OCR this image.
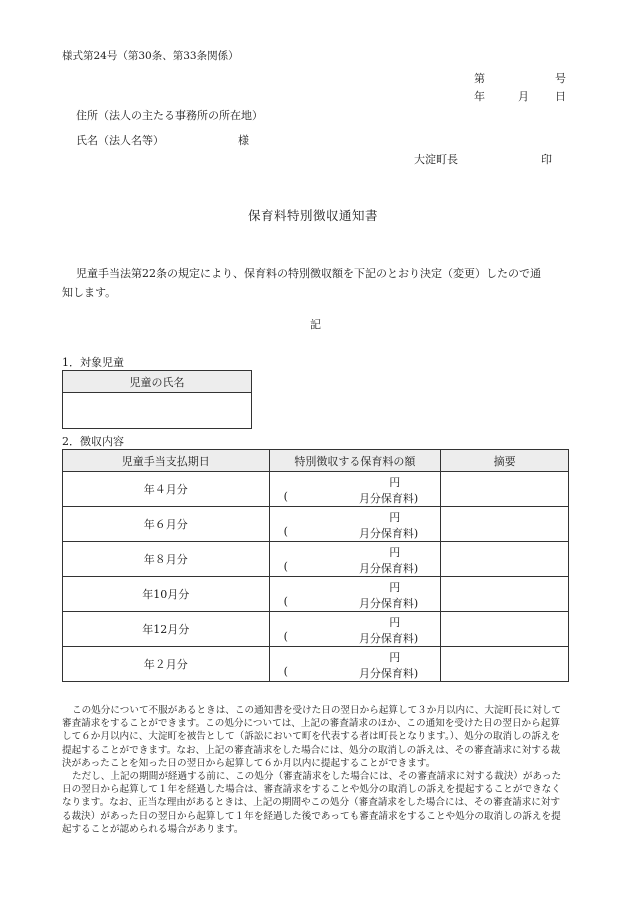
様式第24号（第30条、第33条関係）
第	号
年	月 日
住所（法人の主たる事務所の所在地）
氏名（法人名等）	様
大淀町長	印
保育料特別徴収通知書
児童手当法第22条の規定により、保育料の特別徴収額を下記のとおり決定（変更）したので通
知します。
記
1．対象児童
児童の氏名

2．徴収内容
児童手当支払期日	特別徴収する保育料の額	摘要
年４月分	円
( 月分保育料)	

年６月分	円
( 月分保育料)	

年８月分	円
( 月分保育料)	

年10月分	円
( 月分保育料)	

年12月分	円
( 月分保育料)	

年２月分	円
( 月分保育料)	

この処分について不服があるときは、この通知書を受けた日の翌日から起算して３か月以内に、大淀町長に対して審査請求をすることができます。この処分については、上記の審査請求のほか、この通知を受けた日の翌日から起算して６か月以内に、大淀町を被告として（訴訟において町を代表する者は町長となります。）、処分の取消しの訴えを提起することができます。なお、上記の審査請求をした場合には、処分の取消しの訴えは、その審査請求に対する裁決があったことを知った日の翌日から起算して６か月以内に提起することができます。

ただし、上記の期間が経過する前に、この処分（審査請求をした場合には、その審査請求に対する裁決）があった日の翌日から起算して１年を経過した場合は、審査請求をすることや処分の取消しの訴えを提起することができなくなります。なお、正当な理由があるときは、上記の期間やこの処分（審査請求をした場合には、その審査請求に対する裁決）があった日の翌日から起算して１年を経過した後であっても審査請求をすることや処分の取消しの訴えを提起することが認められる場合があります。
